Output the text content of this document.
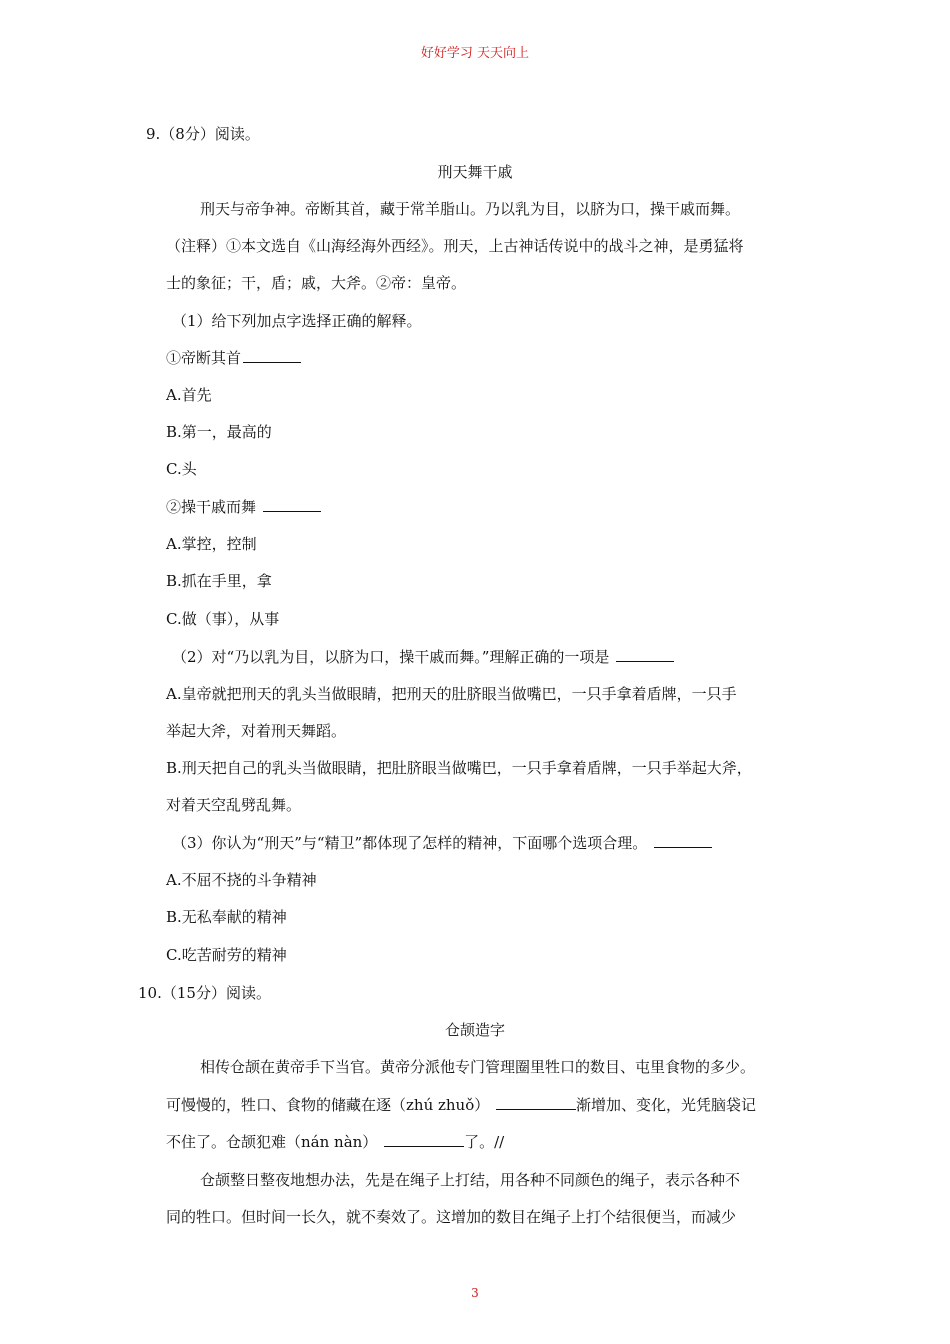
好好学习 天天向上
9.（8分）阅读。
刑天舞干戚
刑天与帝争神。帝断其首，藏于常羊脂山。乃以乳为目，以脐为口，操干戚而舞。
（注释）①本文选自《山海经海外西经》。刑天，上古神话传说中的战斗之神，是勇猛将
士的象征；干，盾；戚，大斧。②帝：皇帝。
（1）给下列加点字选择正确的解释。
①帝断其首
A.首先
B.第一，最高的
C.头
②操干戚而舞
A.掌控，控制
B.抓在手里，拿
C.做（事），从事
（2）对“乃以乳为目，以脐为口，操干戚而舞。”理解正确的一项是
A.皇帝就把刑天的乳头当做眼睛，把刑天的肚脐眼当做嘴巴，一只手拿着盾牌，一只手
举起大斧，对着刑天舞蹈。
B.刑天把自己的乳头当做眼睛，把肚脐眼当做嘴巴，一只手拿着盾牌，一只手举起大斧，
对着天空乱劈乱舞。
（3）你认为“刑天”与“精卫”都体现了怎样的精神，下面哪个选项合理。
A.不屈不挠的斗争精神
B.无私奉献的精神
C.吃苦耐劳的精神
10.（15分）阅读。
仓颉造字
相传仓颉在黄帝手下当官。黄帝分派他专门管理圈里牲口的数目、屯里食物的多少。
可慢慢的，牲口、食物的储藏在逐（zhú zhuǒ）	渐增加、变化，光凭脑袋记
不住了。仓颉犯难（nán nàn）	了。//
仓颉整日整夜地想办法，先是在绳子上打结，用各种不同颜色的绳子，表示各种不
同的牲口。但时间一长久，就不奏效了。这增加的数目在绳子上打个结很便当，而减少
3
